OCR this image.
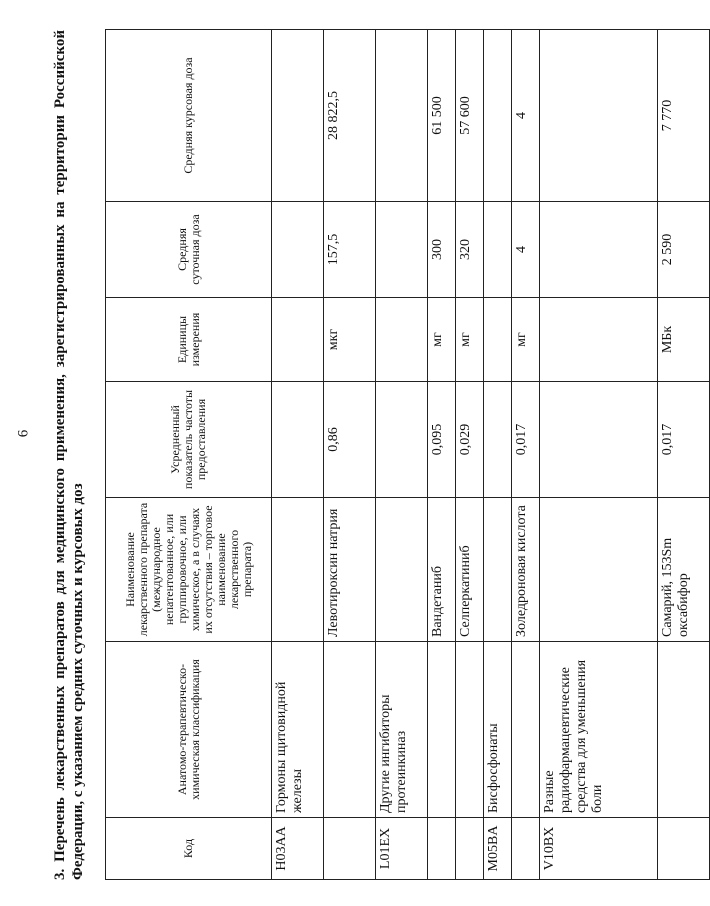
6 3. Перечень лекарственных препаратов для медицинского применения, зарегистрированных на территории Российской Федерации, с указанием средних суточных и курсовых доз	Код	Анатомо-терапевтическо-химическая классификация	Наименование лекарственного препарата (международное непатентованное, или группировочное, или химическое, а в случаях их отсутствия – торговое наименование лекарственного препарата)	Усредненный показатель частоты предоставления	Единицы измерения	Средняя суточная доза	Средняя курсовая доза
H03AA	Гормоны щитовидной железы					
		Левотироксин натрия	0,86	мкг	157,5	28 822,5
L01EX	Другие ингибиторы протеинкиназ					
		Вандетаниб	0,095	мг	300	61 500
		Селперкатиниб	0,029	мг	320	57 600
M05BA	Бисфосфонаты					
		Золедроновая кислота	0,017	мг	4	4
V10BX	Разные радиофармацевтические средства для уменьшения боли					
		Самарий, 153Sm оксабифор	0,017	МБк	2 590	7 770
